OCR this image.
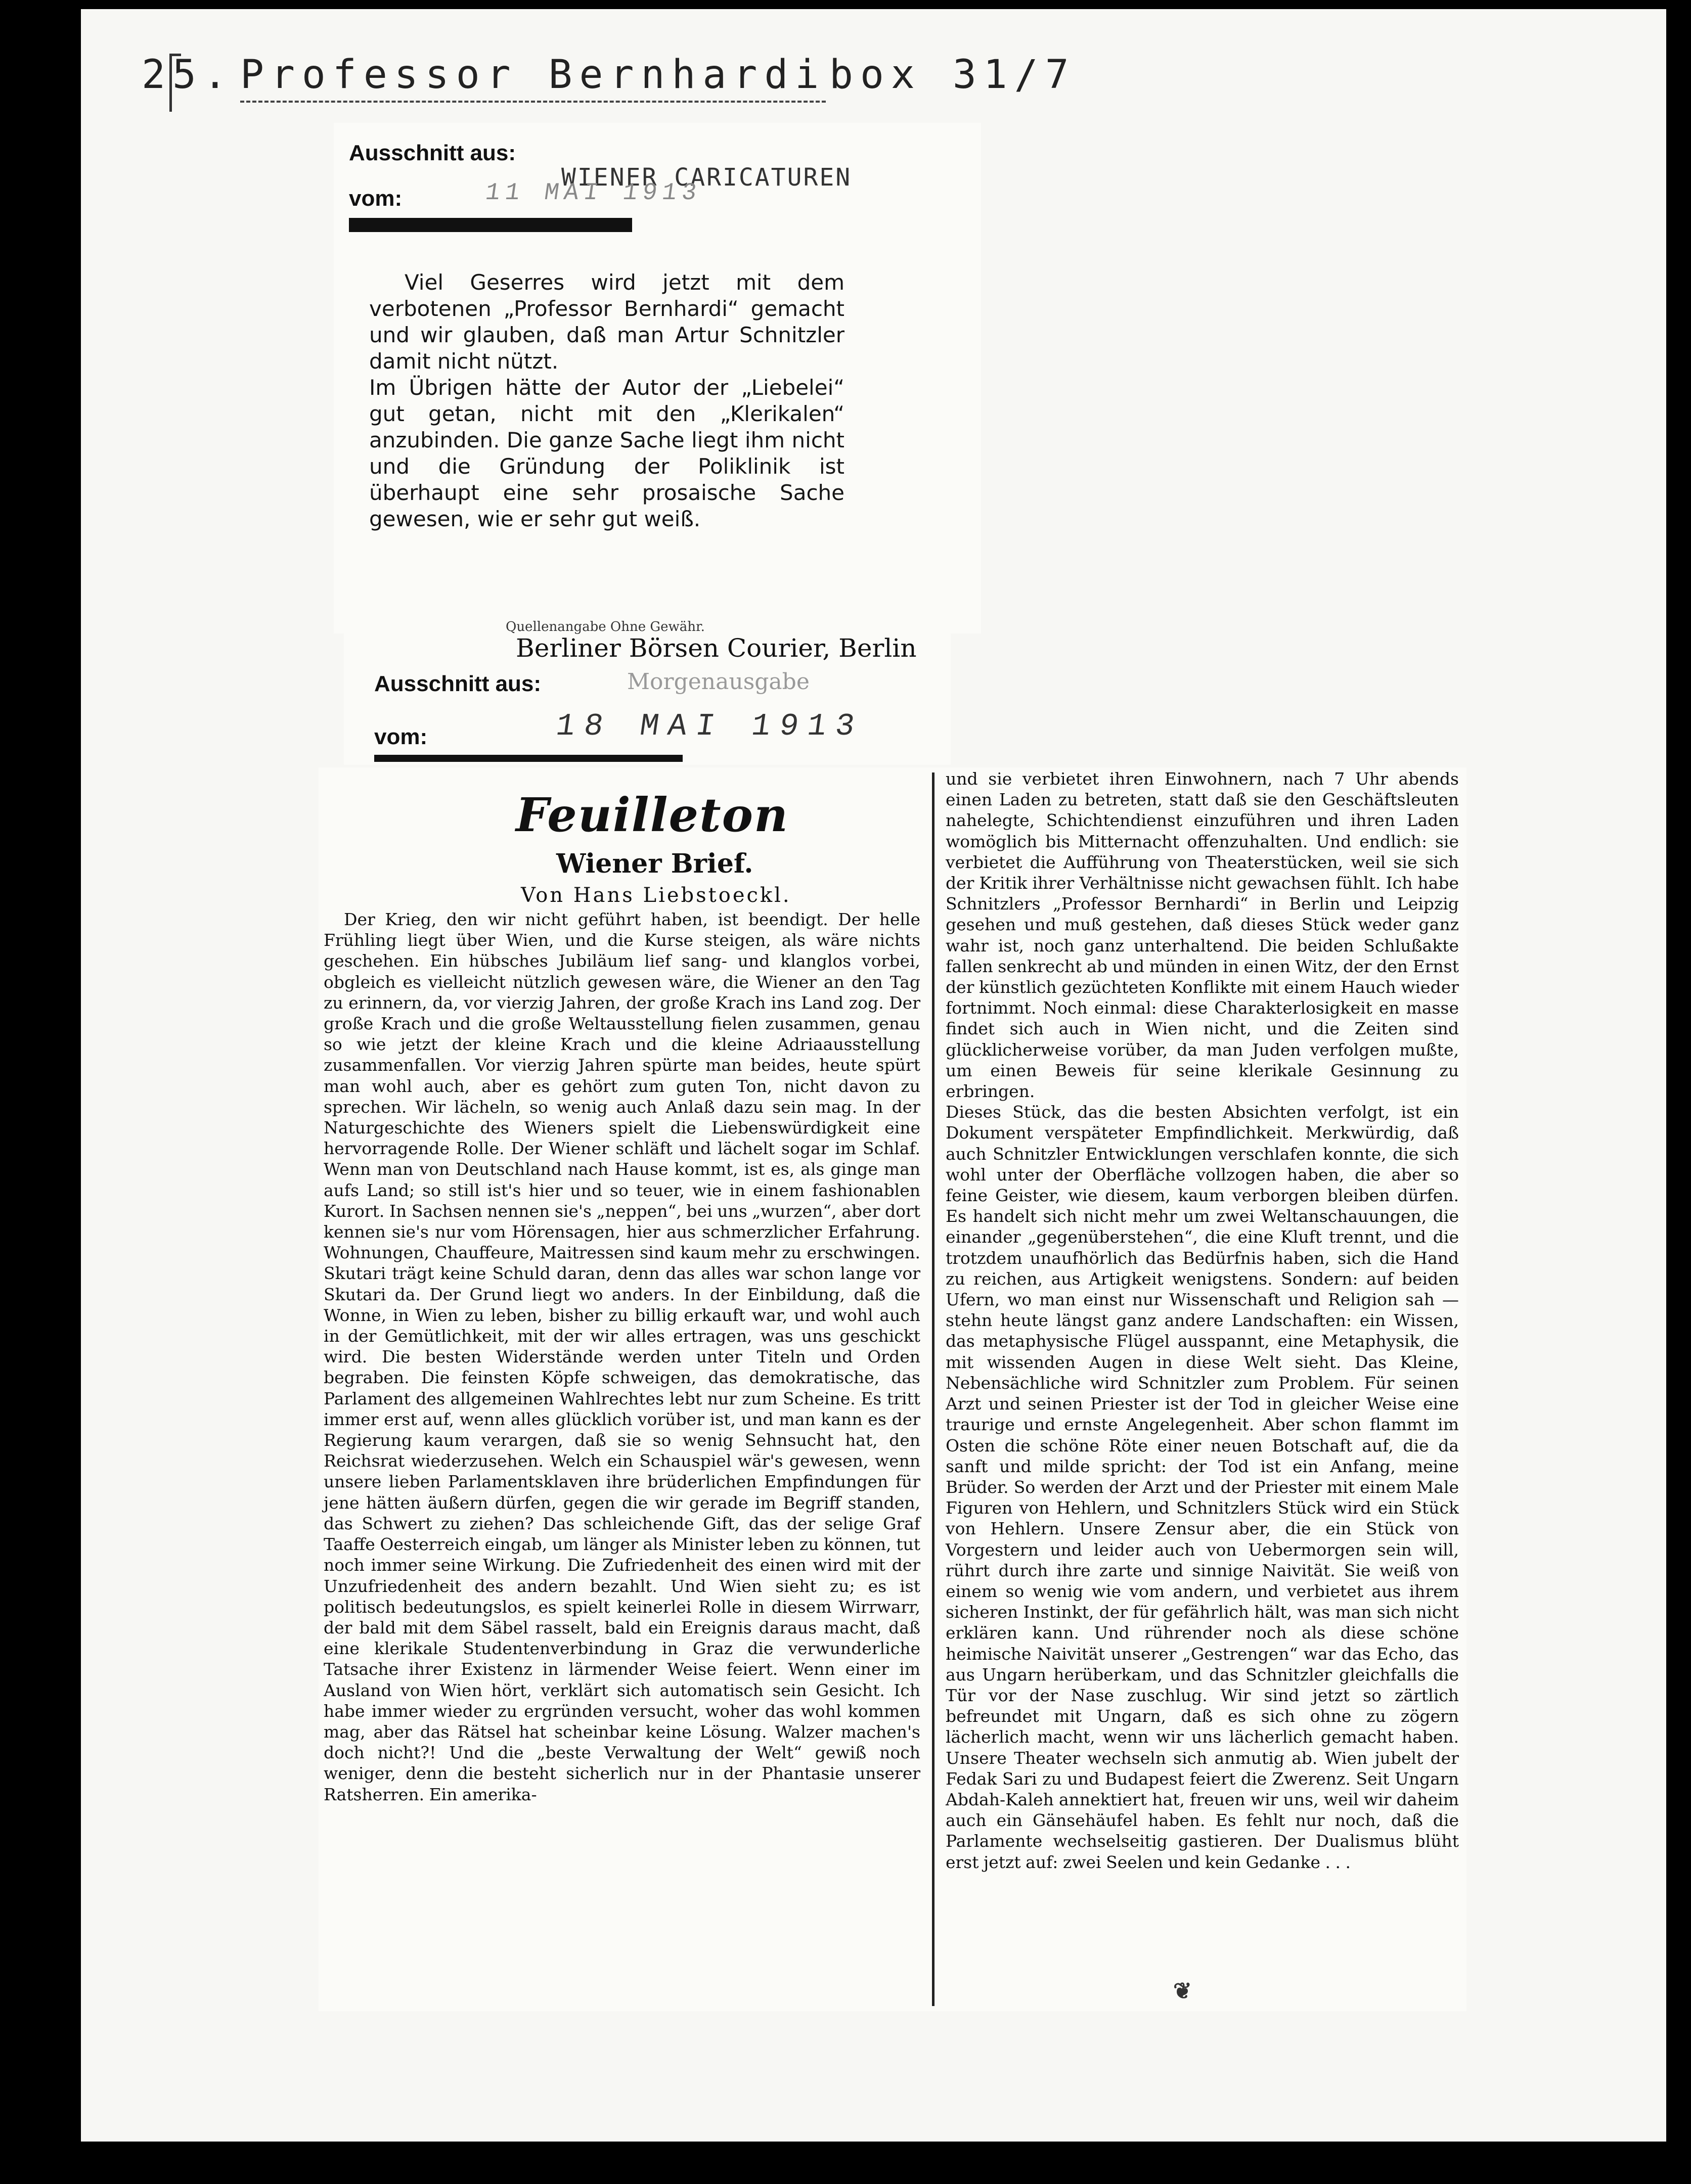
25. Professor Bernhardi box 31/7
Ausschnitt aus:
WIENER CARICATUREN
vom:	11 MAI 1913
Viel Geserres wird jetzt mit dem verbotenen „Professor Bernhardi“ gemacht und wir glauben, daß man Artur Schnitzler damit nicht nützt.
Im Übrigen hätte der Autor der „Liebelei“ gut getan, nicht mit den „Klerikalen“ anzubinden. Die ganze Sache liegt ihm nicht und die Gründung der Poliklinik ist überhaupt eine sehr prosaische Sache gewesen, wie er sehr gut weiß.
Quellenangabe Ohne Gewähr.
Berliner Börsen Courier, Berlin
Morgenausgabe
Ausschnitt aus:
vom:	18 MAI 1913
Feuilleton
Wiener Brief.
Von Hans Liebstoeckl.
Der Krieg, den wir nicht geführt haben, ist beendigt. Der helle Frühling liegt über Wien, und die Kurse steigen, als wäre nichts geschehen. Ein hübsches Jubiläum lief sang- und klanglos vorbei, obgleich es vielleicht nützlich gewesen wäre, die Wiener an den Tag zu erinnern, da, vor vierzig Jahren, der große Krach ins Land zog. Der große Krach und die große Weltausstellung fielen zusammen, genau so wie jetzt der kleine Krach und die kleine Adriaausstellung zusammenfallen. Vor vierzig Jahren spürte man beides, heute spürt man wohl auch, aber es gehört zum guten Ton, nicht davon zu sprechen. Wir lächeln, so wenig auch Anlaß dazu sein mag. In der Naturgeschichte des Wieners spielt die Liebenswürdigkeit eine hervorragende Rolle. Der Wiener schläft und lächelt sogar im Schlaf. Wenn man von Deutschland nach Hause kommt, ist es, als ginge man aufs Land; so still ist's hier und so teuer, wie in einem fashionablen Kurort. In Sachsen nennen sie's „neppen“, bei uns „wurzen“, aber dort kennen sie's nur vom Hörensagen, hier aus schmerzlicher Erfahrung. Wohnungen, Chauffeure, Maitressen sind kaum mehr zu erschwingen. Skutari trägt keine Schuld daran, denn das alles war schon lange vor Skutari da. Der Grund liegt wo anders. In der Einbildung, daß die Wonne, in Wien zu leben, bisher zu billig erkauft war, und wohl auch in der Gemütlichkeit, mit der wir alles ertragen, was uns geschickt wird. Die besten Widerstände werden unter Titeln und Orden begraben. Die feinsten Köpfe schweigen, das demokratische, das Parlament des allgemeinen Wahlrechtes lebt nur zum Scheine. Es tritt immer erst auf, wenn alles glücklich vorüber ist, und man kann es der Regierung kaum verargen, daß sie so wenig Sehnsucht hat, den Reichsrat wiederzusehen. Welch ein Schauspiel wär's gewesen, wenn unsere lieben Parlamentsklaven ihre brüderlichen Empfindungen für jene hätten äußern dürfen, gegen die wir gerade im Begriff standen, das Schwert zu ziehen? Das schleichende Gift, das der selige Graf Taaffe Oesterreich eingab, um länger als Minister leben zu können, tut noch immer seine Wirkung. Die Zufriedenheit des einen wird mit der Unzufriedenheit des andern bezahlt. Und Wien sieht zu; es ist politisch bedeutungslos, es spielt keinerlei Rolle in diesem Wirrwarr, der bald mit dem Säbel rasselt, bald ein Ereignis daraus macht, daß eine klerikale Studentenverbindung in Graz die verwunderliche Tatsache ihrer Existenz in lärmender Weise feiert. Wenn einer im Ausland von Wien hört, verklärt sich automatisch sein Gesicht. Ich habe immer wieder zu ergründen versucht, woher das wohl kommen mag, aber das Rätsel hat scheinbar keine Lösung. Walzer machen's doch nicht?! Und die „beste Verwaltung der Welt“ gewiß noch weniger, denn die besteht sicherlich nur in der Phantasie unserer Ratsherren. Ein amerika-
und sie verbietet ihren Einwohnern, nach 7 Uhr abends einen Laden zu betreten, statt daß sie den Geschäftsleuten nahelegte, Schichtendienst einzuführen und ihren Laden womöglich bis Mitternacht offenzuhalten. Und endlich: sie verbietet die Aufführung von Theaterstücken, weil sie sich der Kritik ihrer Verhältnisse nicht gewachsen fühlt. Ich habe Schnitzlers „Professor Bernhardi“ in Berlin und Leipzig gesehen und muß gestehen, daß dieses Stück weder ganz wahr ist, noch ganz unterhaltend. Die beiden Schlußakte fallen senkrecht ab und münden in einen Witz, der den Ernst der künstlich gezüchteten Konflikte mit einem Hauch wieder fortnimmt. Noch einmal: diese Charakterlosigkeit en masse findet sich auch in Wien nicht, und die Zeiten sind glücklicherweise vorüber, da man Juden verfolgen mußte, um einen Beweis für seine klerikale Gesinnung zu erbringen.
Dieses Stück, das die besten Absichten verfolgt, ist ein Dokument verspäteter Empfindlichkeit. Merkwürdig, daß auch Schnitzler Entwicklungen verschlafen konnte, die sich wohl unter der Oberfläche vollzogen haben, die aber so feine Geister, wie diesem, kaum verborgen bleiben dürfen. Es handelt sich nicht mehr um zwei Weltanschauungen, die einander „gegenüberstehen“, die eine Kluft trennt, und die trotzdem unaufhörlich das Bedürfnis haben, sich die Hand zu reichen, aus Artigkeit wenigstens. Sondern: auf beiden Ufern, wo man einst nur Wissenschaft und Religion sah — stehn heute längst ganz andere Landschaften: ein Wissen, das metaphysische Flügel ausspannt, eine Metaphysik, die mit wissenden Augen in diese Welt sieht. Das Kleine, Nebensächliche wird Schnitzler zum Problem. Für seinen Arzt und seinen Priester ist der Tod in gleicher Weise eine traurige und ernste Angelegenheit. Aber schon flammt im Osten die schöne Röte einer neuen Botschaft auf, die da sanft und milde spricht: der Tod ist ein Anfang, meine Brüder. So werden der Arzt und der Priester mit einem Male Figuren von Hehlern, und Schnitzlers Stück wird ein Stück von Hehlern. Unsere Zensur aber, die ein Stück von Vorgestern und leider auch von Uebermorgen sein will, rührt durch ihre zarte und sinnige Naivität. Sie weiß von einem so wenig wie vom andern, und verbietet aus ihrem sicheren Instinkt, der für gefährlich hält, was man sich nicht erklären kann. Und rührender noch als diese schöne heimische Naivität unserer „Gestrengen“ war das Echo, das aus Ungarn herüberkam, und das Schnitzler gleichfalls die Tür vor der Nase zuschlug. Wir sind jetzt so zärtlich befreundet mit Ungarn, daß es sich ohne zu zögern lächerlich macht, wenn wir uns lächerlich gemacht haben. Unsere Theater wechseln sich anmutig ab. Wien jubelt der Fedak Sari zu und Budapest feiert die Zwerenz. Seit Ungarn Abdah-Kaleh annektiert hat, freuen wir uns, weil wir daheim auch ein Gänsehäufel haben. Es fehlt nur noch, daß die Parlamente wechselseitig gastieren. Der Dualismus blüht erst jetzt auf: zwei Seelen und kein Gedanke . . .
❦
